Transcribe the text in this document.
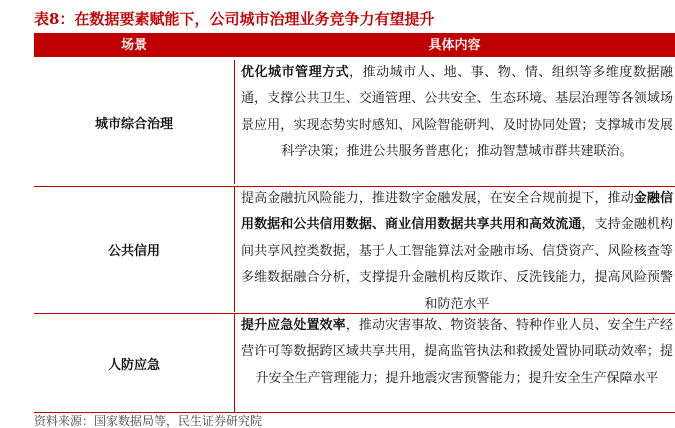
表8：在数据要素赋能下，公司城市治理业务竞争力有望提升
场景	具体内容
城市综合治理
优化城市管理方式，推动城市人、地、事、物、情、组织等多维度数据融通，支撑公共卫生、交通管理、公共安全、生态环境、基层治理等各领域场景应用，实现态势实时感知、风险智能研判、及时协同处置；支撑城市发展科学决策；推进公共服务普惠化；推动智慧城市群共建联治。
公共信用
提高金融抗风险能力，推进数字金融发展，在安全合规前提下，推动金融信用数据和公共信用数据、商业信用数据共享共用和高效流通，支持金融机构间共享风控类数据，基于人工智能算法对金融市场、信贷资产、风险核查等多维数据融合分析，支撑提升金融机构反欺诈、反洗钱能力，提高风险预警和防范水平
人防应急
提升应急处置效率，推动灾害事故、物资装备、特种作业人员、安全生产经营许可等数据跨区域共享共用，提高监管执法和救援处置协同联动效率；提升安全生产管理能力；提升地震灾害预警能力；提升安全生产保障水平
资料来源：国家数据局等，民生证券研究院
